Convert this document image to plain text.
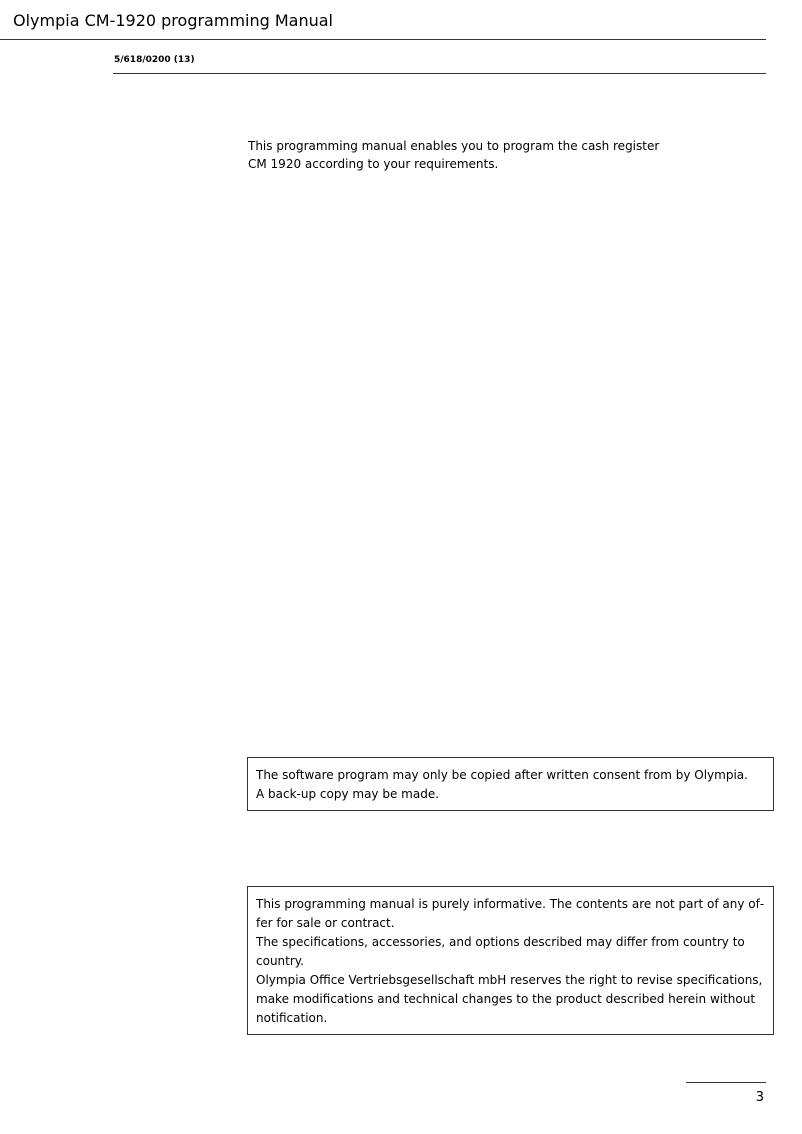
Olympia CM-1920 programming Manual
5/618/0200 (13)

This programming manual enables you to program the cash register

CM 1920 according to your requirements.

The software program may only be copied after written consent from by Olympia.

A back-up copy may be made.

This programming manual is purely informative. The contents are not part of any offer for sale or contract.

The specifications, accessories, and options described may differ from country to country.

Olympia Office Vertriebsgesellschaft mbH reserves the right to revise specifications, make modifications and technical changes to the product described herein without notification.

3
